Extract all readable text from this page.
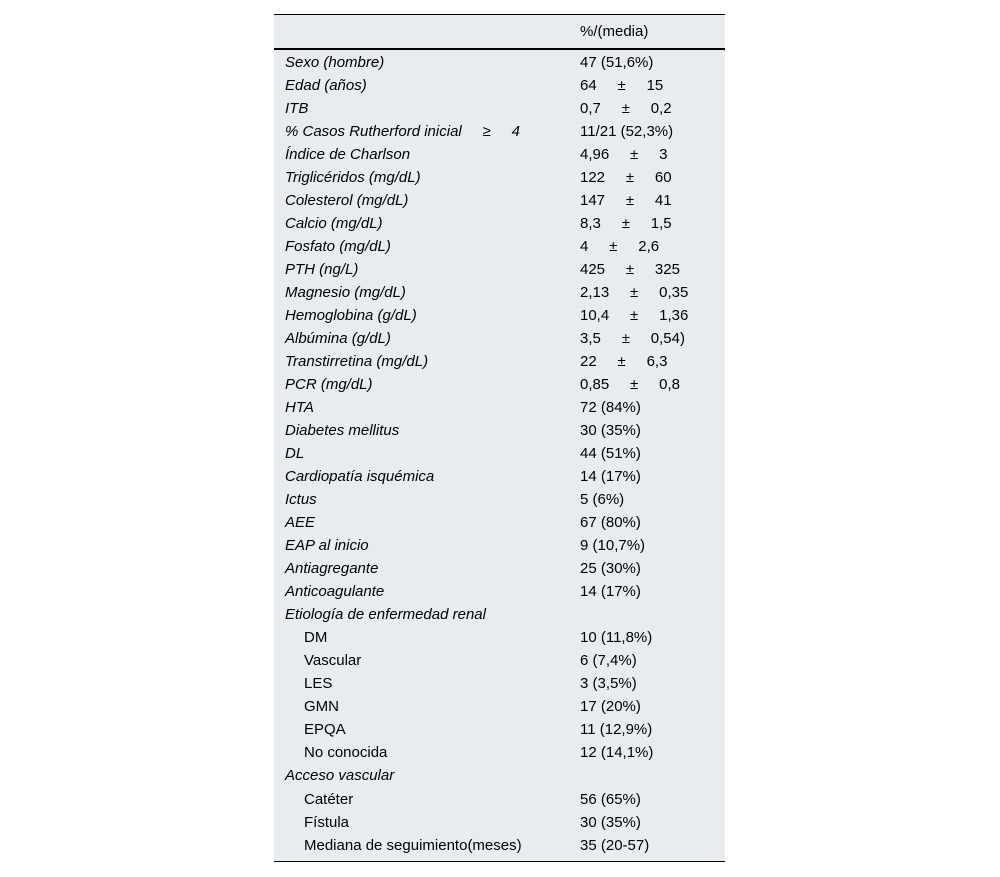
%/(media)
Sexo (hombre)	47 (51,6%)
Edad (años)	64     ±     15
ITB	0,7     ±     0,2
% Casos Rutherford inicial     ≥     4	11/21 (52,3%)
Índice de Charlson	4,96     ±     3
Triglicéridos (mg/dL)	122     ±     60
Colesterol (mg/dL)	147     ±     41
Calcio (mg/dL)	8,3     ±     1,5
Fosfato (mg/dL)	4     ±     2,6
PTH (ng/L)	425     ±     325
Magnesio (mg/dL)	2,13     ±     0,35
Hemoglobina (g/dL)	10,4     ±     1,36
Albúmina (g/dL)	3,5     ±     0,54)
Transtirretina (mg/dL)	22     ±     6,3
PCR (mg/dL)	0,85     ±     0,8
HTA	72 (84%)
Diabetes mellitus	30 (35%)
DL	44 (51%)
Cardiopatía isquémica	14 (17%)
Ictus	5 (6%)
AEE	67 (80%)
EAP al inicio	9 (10,7%)
Antiagregante	25 (30%)
Anticoagulante	14 (17%)
Etiología de enfermedad renal
DM	10 (11,8%)
Vascular	6 (7,4%)
LES	3 (3,5%)
GMN	17 (20%)
EPQA	11 (12,9%)
No conocida	12 (14,1%)
Acceso vascular
Catéter	56 (65%)
Fístula	30 (35%)
Mediana de seguimiento(meses)	35 (20-57)
